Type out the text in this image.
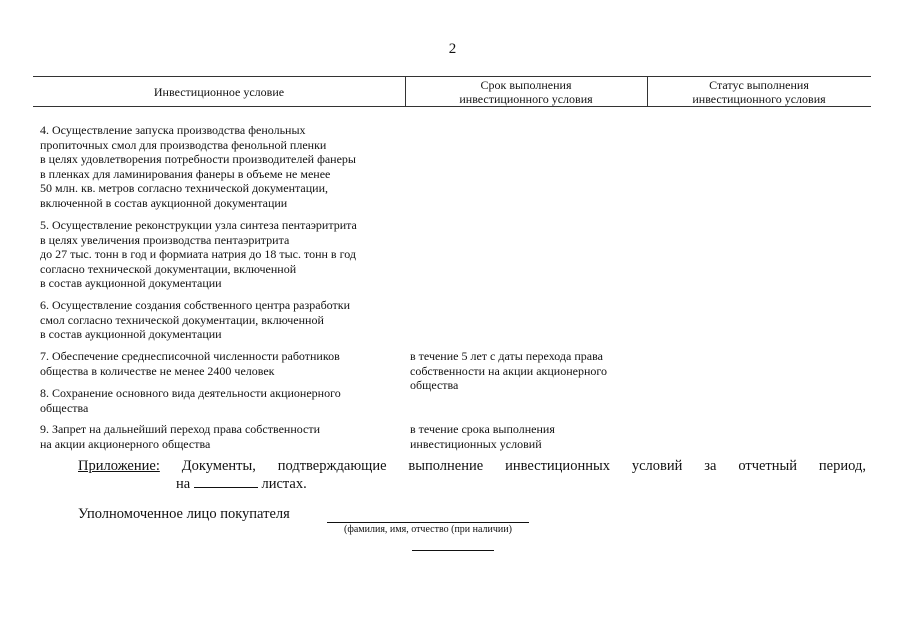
2
Инвестиционное условие	Срок выполнения
инвестиционного условия
Статус выполнения
инвестиционного условия
4. Осуществление запуска производства фенольных
пропиточных смол для производства фенольной пленки
в целях удовлетворения потребности производителей фанеры
в пленках для ламинирования фанеры в объеме не менее
50 млн. кв. метров согласно технической документации,
включенной в состав аукционной документации
5. Осуществление реконструкции узла синтеза пентаэритрита
в целях увеличения производства пентаэритрита
до 27 тыс. тонн в год и формиата натрия до 18 тыс. тонн в год
согласно технической документации, включенной
в состав аукционной документации
6. Осуществление создания собственного центра разработки
смол согласно технической документации, включенной
в состав аукционной документации
7. Обеспечение среднесписочной численности работников
общества в количестве не менее 2400 человек
в течение 5 лет с даты перехода права
собственности на акции акционерного
общества
8. Сохранение основного вида деятельности акционерного
общества
9. Запрет на дальнейший переход права собственности
на акции акционерного общества
в течение срока выполнения
инвестиционных условий
Приложение: Документы, подтверждающие выполнение инвестиционных условий за отчетный период,
на	листах.
Уполномоченное лицо покупателя
(фамилия, имя, отчество (при наличии)
